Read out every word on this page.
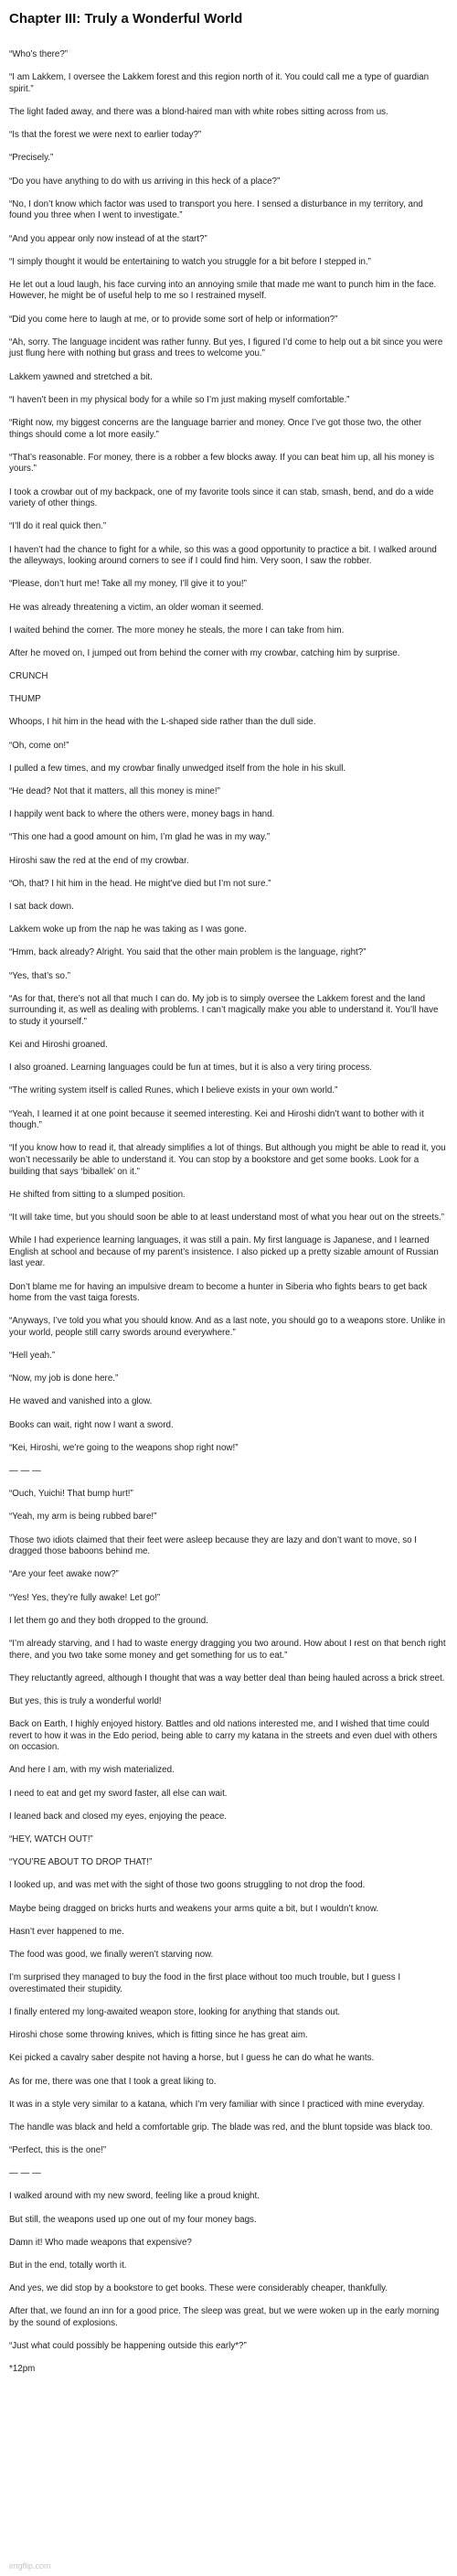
Chapter III: Truly a Wonderful World

“Who’s there?”

“I am Lakkem, I oversee the Lakkem forest and this region north of it. You could call me a type of guardian spirit.”

The light faded away, and there was a blond-haired man with white robes sitting across from us.

“Is that the forest we were next to earlier today?”

“Precisely.”

“Do you have anything to do with us arriving in this heck of a place?”

“No, I don’t know which factor was used to transport you here. I sensed a disturbance in my territory, and found you three when I went to investigate.”

“And you appear only now instead of at the start?”

“I simply thought it would be entertaining to watch you struggle for a bit before I stepped in.”

He let out a loud laugh, his face curving into an annoying smile that made me want to punch him in the face. However, he might be of useful help to me so I restrained myself.

“Did you come here to laugh at me, or to provide some sort of help or information?”

“Ah, sorry. The language incident was rather funny. But yes, I figured I’d come to help out a bit since you were just flung here with nothing but grass and trees to welcome you.”

Lakkem yawned and stretched a bit.

“I haven’t been in my physical body for a while so I’m just making myself comfortable.”

“Right now, my biggest concerns are the language barrier and money. Once I’ve got those two, the other things should come a lot more easily.”

“That’s reasonable. For money, there is a robber a few blocks away. If you can beat him up, all his money is yours.”

I took a crowbar out of my backpack, one of my favorite tools since it can stab, smash, bend, and do a wide variety of other things.

“I’ll do it real quick then.”

I haven’t had the chance to fight for a while, so this was a good opportunity to practice a bit. I walked around the alleyways, looking around corners to see if I could find him. Very soon, I saw the robber.

“Please, don’t hurt me! Take all my money, I’ll give it to you!”

He was already threatening a victim, an older woman it seemed.

I waited behind the corner. The more money he steals, the more I can take from him.

After he moved on, I jumped out from behind the corner with my crowbar, catching him by surprise.

CRUNCH

THUMP

Whoops, I hit him in the head with the L-shaped side rather than the dull side.

“Oh, come on!”

I pulled a few times, and my crowbar finally unwedged itself from the hole in his skull.

“He dead? Not that it matters, all this money is mine!”

I happily went back to where the others were, money bags in hand.

“This one had a good amount on him, I’m glad he was in my way.”

Hiroshi saw the red at the end of my crowbar.

“Oh, that? I hit him in the head. He might’ve died but I’m not sure.”

I sat back down.

Lakkem woke up from the nap he was taking as I was gone.

“Hmm, back already? Alright. You said that the other main problem is the language, right?”

“Yes, that’s so.”

“As for that, there’s not all that much I can do. My job is to simply oversee the Lakkem forest and the land surrounding it, as well as dealing with problems. I can’t magically make you able to understand it. You’ll have to study it yourself.”

Kei and Hiroshi groaned.

I also groaned. Learning languages could be fun at times, but it is also a very tiring process.

“The writing system itself is called Runes, which I believe exists in your own world.”

“Yeah, I learned it at one point because it seemed interesting. Kei and Hiroshi didn’t want to bother with it though.”

“If you know how to read it, that already simplifies a lot of things. But although you might be able to read it, you won’t necessarily be able to understand it. You can stop by a bookstore and get some books. Look for a building that says ‘biballek’ on it.”

He shifted from sitting to a slumped position.

“It will take time, but you should soon be able to at least understand most of what you hear out on the streets.”

While I had experience learning languages, it was still a pain. My first language is Japanese, and I learned English at school and because of my parent’s insistence. I also picked up a pretty sizable amount of Russian last year.

Don’t blame me for having an impulsive dream to become a hunter in Siberia who fights bears to get back home from the vast taiga forests.

“Anyways, I’ve told you what you should know. And as a last note, you should go to a weapons store. Unlike in your world, people still carry swords around everywhere.”

“Hell yeah.”

“Now, my job is done here.”

He waved and vanished into a glow.

Books can wait, right now I want a sword.

“Kei, Hiroshi, we’re going to the weapons shop right now!”

— — —

“Ouch, Yuichi! That bump hurt!”

“Yeah, my arm is being rubbed bare!”

Those two idiots claimed that their feet were asleep because they are lazy and don’t want to move, so I dragged those baboons behind me.

“Are your feet awake now?”

“Yes! Yes, they’re fully awake! Let go!”

I let them go and they both dropped to the ground.

“I’m already starving, and I had to waste energy dragging you two around. How about I rest on that bench right there, and you two take some money and get something for us to eat.”

They reluctantly agreed, although I thought that was a way better deal than being hauled across a brick street.

But yes, this is truly a wonderful world!

Back on Earth, I highly enjoyed history. Battles and old nations interested me, and I wished that time could revert to how it was in the Edo period, being able to carry my katana in the streets and even duel with others on occasion.

And here I am, with my wish materialized.

I need to eat and get my sword faster, all else can wait.

I leaned back and closed my eyes, enjoying the peace.

“HEY, WATCH OUT!”

“YOU’RE ABOUT TO DROP THAT!”

I looked up, and was met with the sight of those two goons struggling to not drop the food.

Maybe being dragged on bricks hurts and weakens your arms quite a bit, but I wouldn’t know.

Hasn’t ever happened to me.

The food was good, we finally weren’t starving now.

I’m surprised they managed to buy the food in the first place without too much trouble, but I guess I overestimated their stupidity.

I finally entered my long-awaited weapon store, looking for anything that stands out.

Hiroshi chose some throwing knives, which is fitting since he has great aim.

Kei picked a cavalry saber despite not having a horse, but I guess he can do what he wants.

As for me, there was one that I took a great liking to.

It was in a style very similar to a katana, which I’m very familiar with since I practiced with mine everyday.

The handle was black and held a comfortable grip. The blade was red, and the blunt topside was black too.

“Perfect, this is the one!”

— — —

I walked around with my new sword, feeling like a proud knight.

But still, the weapons used up one out of my four money bags.

Damn it! Who made weapons that expensive?

But in the end, totally worth it.

And yes, we did stop by a bookstore to get books. These were considerably cheaper, thankfully.

After that, we found an inn for a good price. The sleep was great, but we were woken up in the early morning by the sound of explosions.

“Just what could possibly be happening outside this early*?”

*12pm

imgflip.com
